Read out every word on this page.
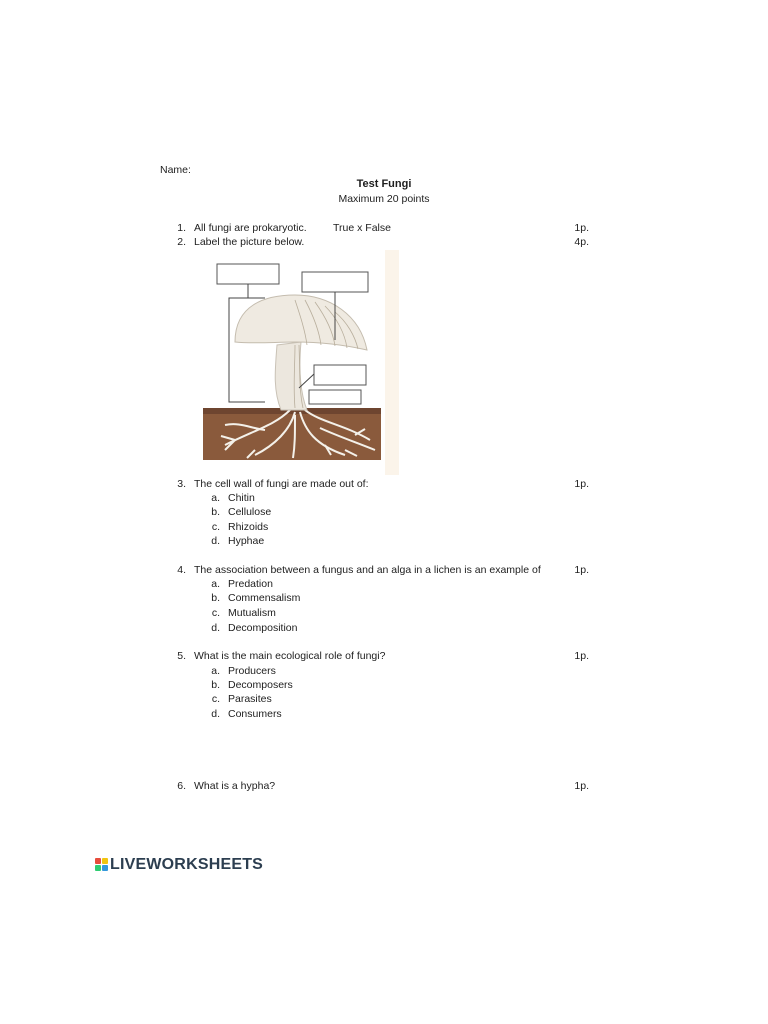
Name:
Test Fungi
Maximum 20 points
1. All fungi are prokaryotic.	True x False	1p.
2. Label the picture below.	4p.
3. The cell wall of fungi are made out of:	1p.
a. Chitin
b. Cellulose
c. Rhizoids
d. Hyphae
4. The association between a fungus and an alga in a lichen is an example of	1p.
a. Predation
b. Commensalism
c. Mutualism
d. Decomposition
5. What is the main ecological role of fungi?	1p.
a. Producers
b. Decomposers
c. Parasites
d. Consumers
6. What is a hypha?	1p.
LIVEWORKSHEETS
